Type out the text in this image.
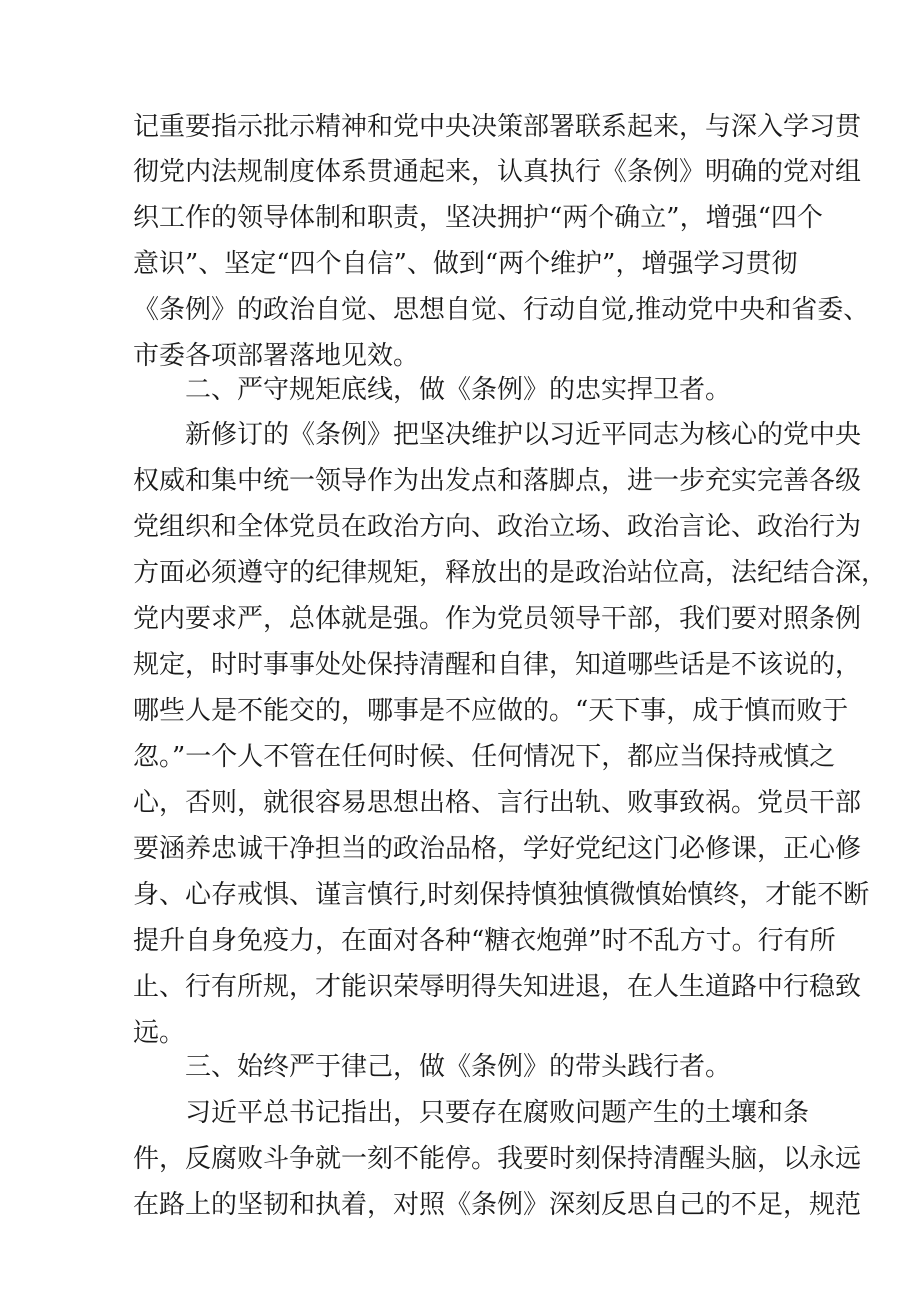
记重要指示批示精神和党中央决策部署联系起来，与深入学习贯
彻党内法规制度体系贯通起来，认真执行《条例》明确的党对组
织工作的领导体制和职责，坚决拥护“两个确立”，增强“四个
意识”、坚定“四个自信”、做到“两个维护”，增强学习贯彻
《条例》的政治自觉、思想自觉、行动自觉,推动党中央和省委、
市委各项部署落地见效。
二、严守规矩底线，做《条例》的忠实捍卫者。
新修订的《条例》把坚决维护以习近平同志为核心的党中央
权威和集中统一领导作为出发点和落脚点，进一步充实完善各级
党组织和全体党员在政治方向、政治立场、政治言论、政治行为
方面必须遵守的纪律规矩，释放出的是政治站位高，法纪结合深，
党内要求严，总体就是强。作为党员领导干部，我们要对照条例
规定，时时事事处处保持清醒和自律，知道哪些话是不该说的，
哪些人是不能交的，哪事是不应做的。“天下事，成于慎而败于
忽。”一个人不管在任何时候、任何情况下，都应当保持戒慎之
心，否则，就很容易思想出格、言行出轨、败事致祸。党员干部
要涵养忠诚干净担当的政治品格，学好党纪这门必修课，正心修
身、心存戒惧、谨言慎行,时刻保持慎独慎微慎始慎终，才能不断
提升自身免疫力，在面对各种“糖衣炮弹”时不乱方寸。行有所
止、行有所规，才能识荣辱明得失知进退，在人生道路中行稳致
远。
三、始终严于律己，做《条例》的带头践行者。
习近平总书记指出，只要存在腐败问题产生的土壤和条
件，反腐败斗争就一刻不能停。我要时刻保持清醒头脑，以永远
在路上的坚韧和执着，对照《条例》深刻反思自己的不足，规范
